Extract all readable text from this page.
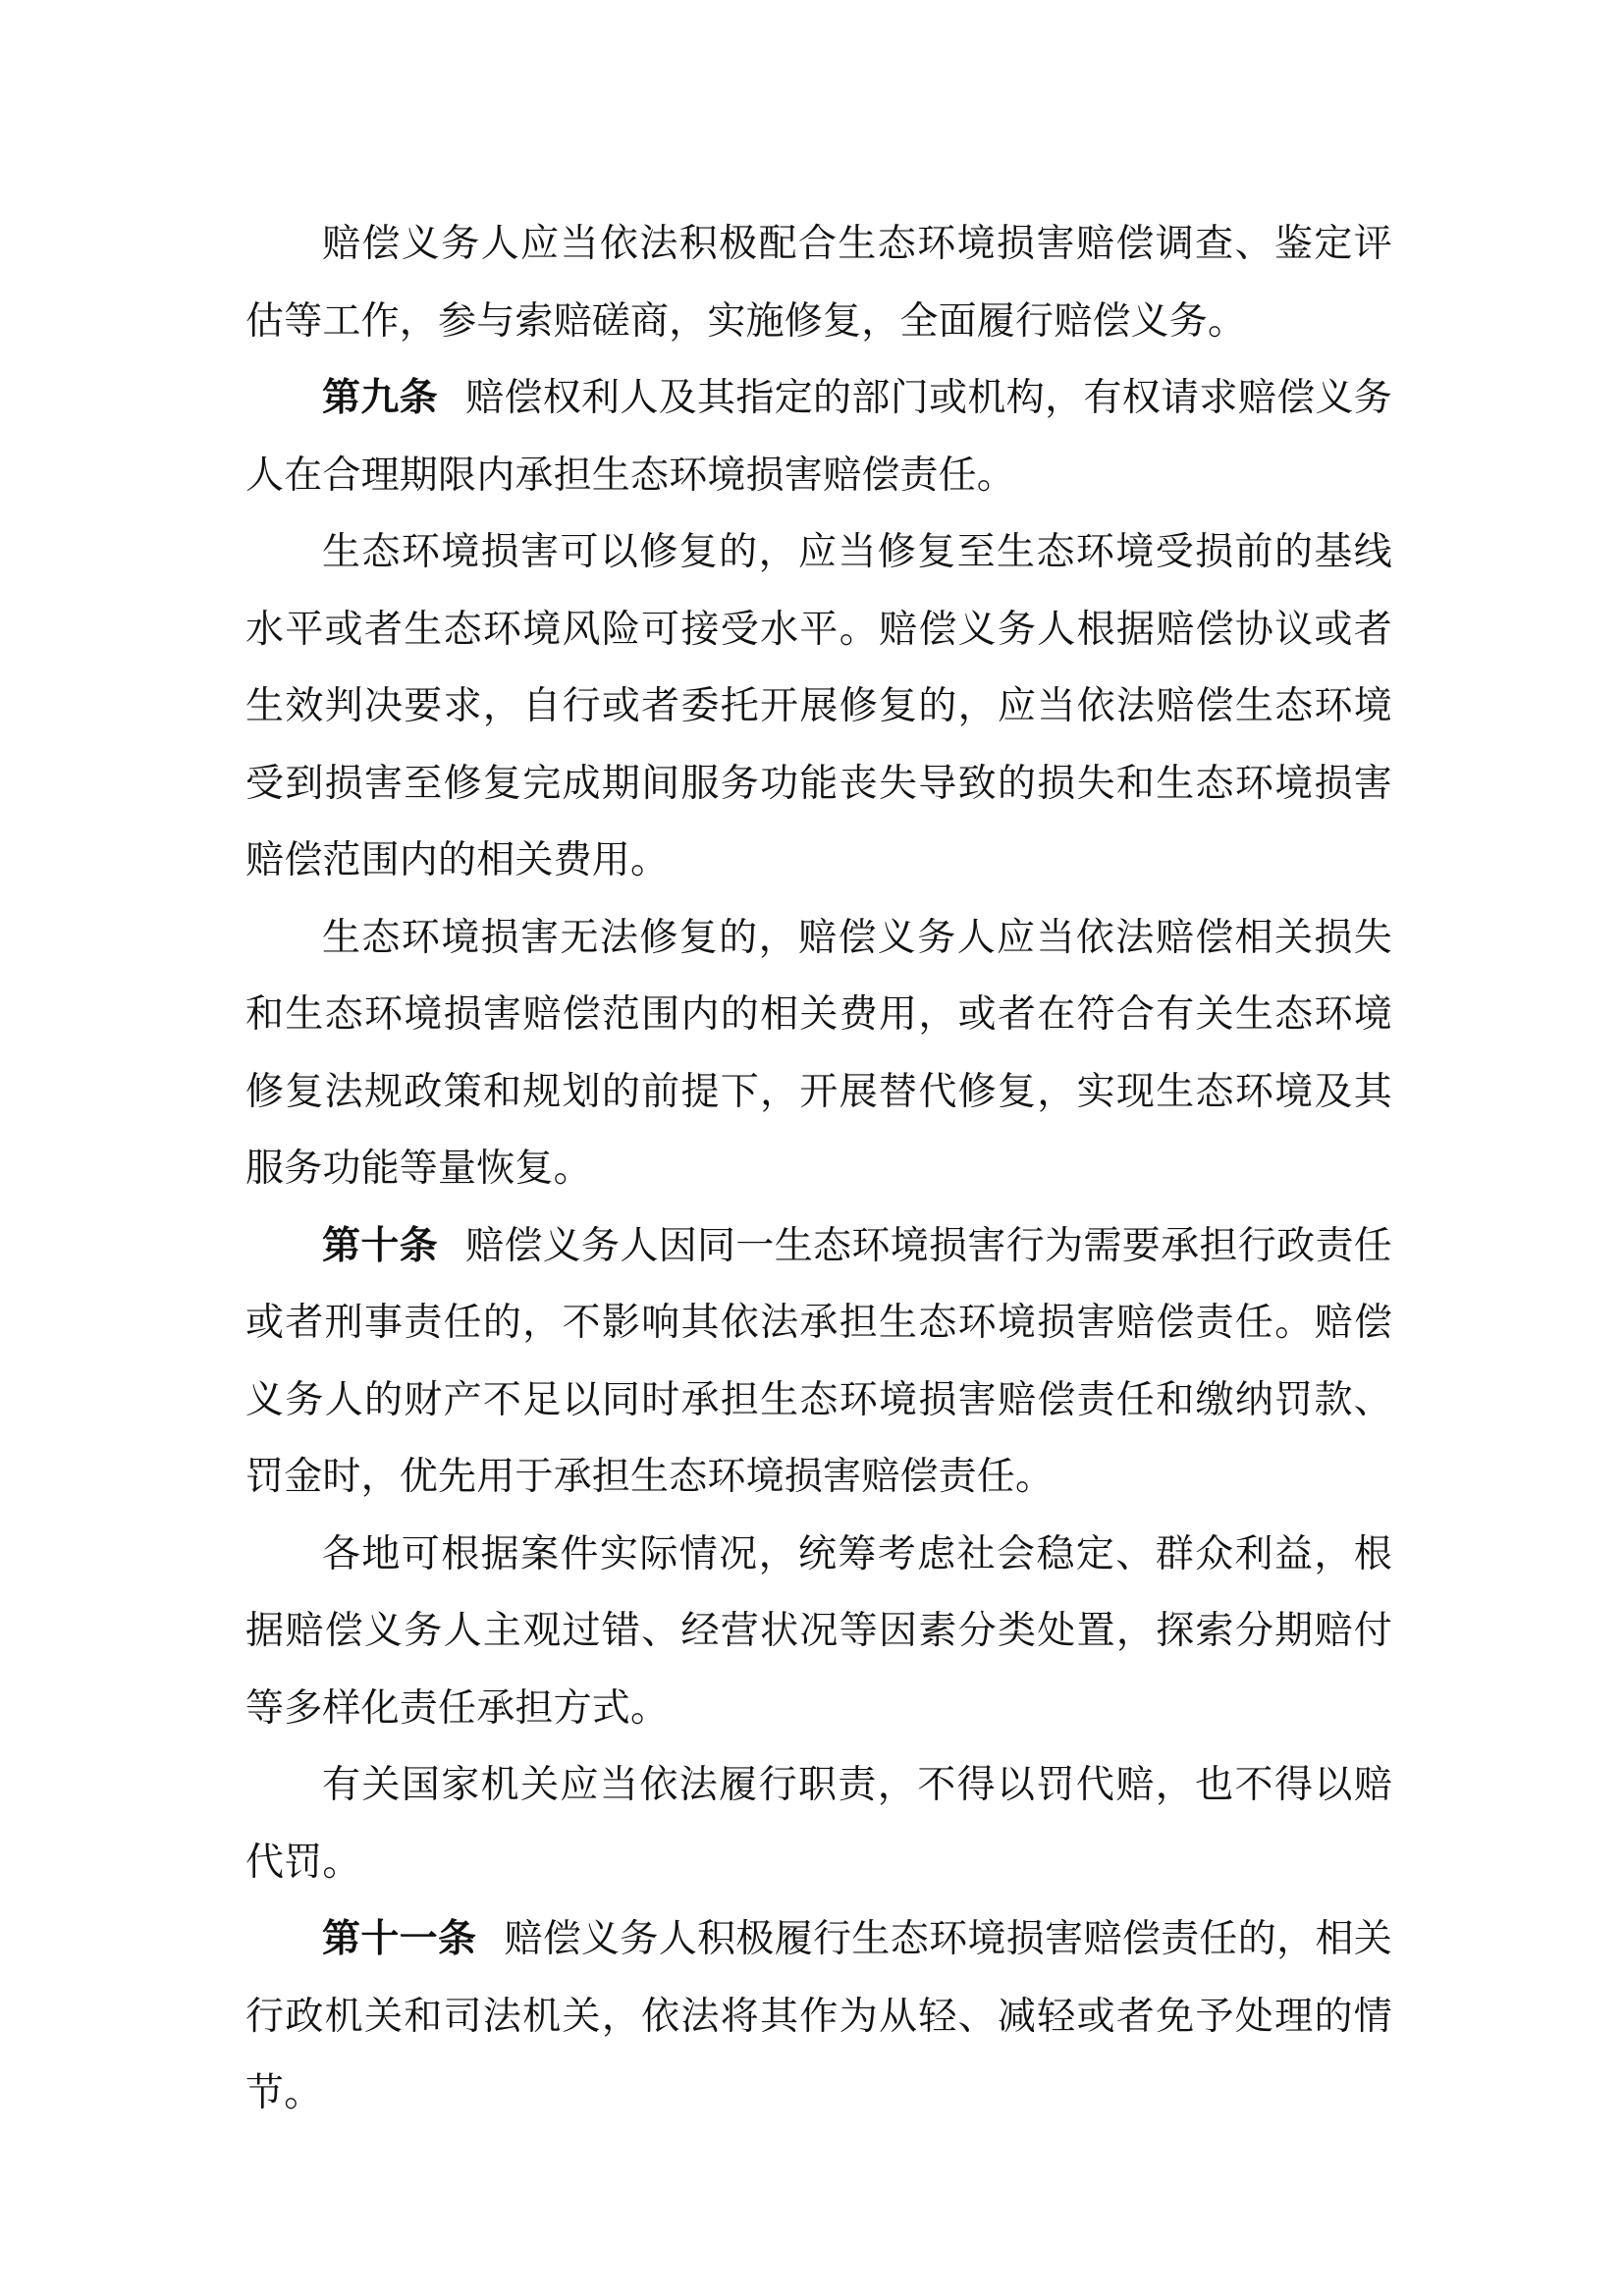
赔偿义务人应当依法积极配合生态环境损害赔偿调查、鉴定评估等工作，参与索赔磋商，实施修复，全面履行赔偿义务。

第九条 赔偿权利人及其指定的部门或机构，有权请求赔偿义务人在合理期限内承担生态环境损害赔偿责任。

生态环境损害可以修复的，应当修复至生态环境受损前的基线水平或者生态环境风险可接受水平。赔偿义务人根据赔偿协议或者生效判决要求，自行或者委托开展修复的，应当依法赔偿生态环境受到损害至修复完成期间服务功能丧失导致的损失和生态环境损害赔偿范围内的相关费用。

生态环境损害无法修复的，赔偿义务人应当依法赔偿相关损失和生态环境损害赔偿范围内的相关费用，或者在符合有关生态环境修复法规政策和规划的前提下，开展替代修复，实现生态环境及其服务功能等量恢复。

第十条 赔偿义务人因同一生态环境损害行为需要承担行政责任或者刑事责任的，不影响其依法承担生态环境损害赔偿责任。赔偿义务人的财产不足以同时承担生态环境损害赔偿责任和缴纳罚款、罚金时，优先用于承担生态环境损害赔偿责任。

各地可根据案件实际情况，统筹考虑社会稳定、群众利益，根据赔偿义务人主观过错、经营状况等因素分类处置，探索分期赔付等多样化责任承担方式。

有关国家机关应当依法履行职责，不得以罚代赔，也不得以赔代罚。

第十一条 赔偿义务人积极履行生态环境损害赔偿责任的，相关行政机关和司法机关，依法将其作为从轻、减轻或者免予处理的情节。
